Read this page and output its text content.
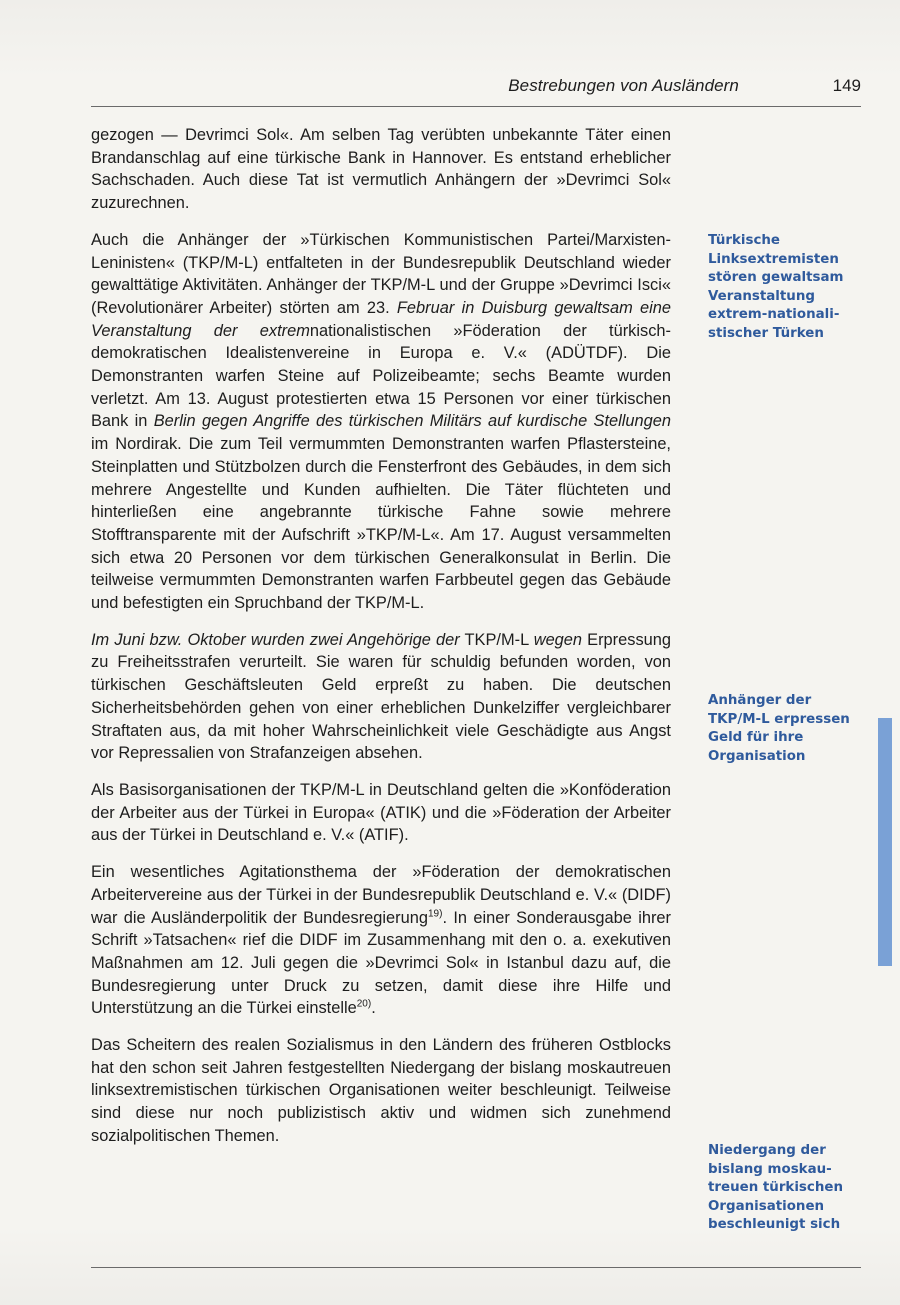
Bestrebungen von Ausländern	149

gezogen — Devrimci Sol«. Am selben Tag verübten unbekannte Täter einen Brandanschlag auf eine türkische Bank in Hannover. Es entstand erheblicher Sachschaden. Auch diese Tat ist vermutlich Anhängern der »Devrimci Sol« zuzurechnen.

Auch die Anhänger der »Türkischen Kommunistischen Partei/Marxisten-Leninisten« (TKP/M-L) entfalteten in der Bundesrepublik Deutschland wieder gewalttätige Aktivitäten. Anhänger der TKP/M-L und der Gruppe »Devrimci Isci« (Revolutionärer Arbeiter) störten am 23. Februar in Duisburg gewaltsam eine Veranstaltung der extremnationalistischen »Föderation der türkisch-demokratischen Idealistenvereine in Europa e. V.« (ADÜTDF). Die Demonstranten warfen Steine auf Polizeibeamte; sechs Beamte wurden verletzt. Am 13. August protestierten etwa 15 Personen vor einer türkischen Bank in Berlin gegen Angriffe des türkischen Militärs auf kurdische Stellungen im Nordirak. Die zum Teil vermummten Demonstranten warfen Pflastersteine, Steinplatten und Stützbolzen durch die Fensterfront des Gebäudes, in dem sich mehrere Angestellte und Kunden aufhielten. Die Täter flüchteten und hinterließen eine angebrannte türkische Fahne sowie mehrere Stofftransparente mit der Aufschrift »TKP/M-L«. Am 17. August versammelten sich etwa 20 Personen vor dem türkischen Generalkonsulat in Berlin. Die teilweise vermummten Demonstranten warfen Farbbeutel gegen das Gebäude und befestigten ein Spruchband der TKP/M-L.

Im Juni bzw. Oktober wurden zwei Angehörige der TKP/M-L wegen Erpressung zu Freiheitsstrafen verurteilt. Sie waren für schuldig befunden worden, von türkischen Geschäftsleuten Geld erpreßt zu haben. Die deutschen Sicherheitsbehörden gehen von einer erheblichen Dunkelziffer vergleichbarer Straftaten aus, da mit hoher Wahrscheinlichkeit viele Geschädigte aus Angst vor Repressalien von Strafanzeigen absehen.

Als Basisorganisationen der TKP/M-L in Deutschland gelten die »Konföderation der Arbeiter aus der Türkei in Europa« (ATIK) und die »Föderation der Arbeiter aus der Türkei in Deutschland e. V.« (ATIF).

Ein wesentliches Agitationsthema der »Föderation der demokratischen Arbeitervereine aus der Türkei in der Bundesrepublik Deutschland e. V.« (DIDF) war die Ausländerpolitik der Bundesregierung$^{19)}$. In einer Sonderausgabe ihrer Schrift »Tatsachen« rief die DIDF im Zusammenhang mit den o. a. exekutiven Maßnahmen am 12. Juli gegen die »Devrimci Sol« in Istanbul dazu auf, die Bundesregierung unter Druck zu setzen, damit diese ihre Hilfe und Unterstützung an die Türkei einstelle$^{20)}$.

Das Scheitern des realen Sozialismus in den Ländern des früheren Ostblocks hat den schon seit Jahren festgestellten Niedergang der bislang moskautreuen linksextremistischen türkischen Organisationen weiter beschleunigt. Teilweise sind diese nur noch publizistisch aktiv und widmen sich zunehmend sozialpolitischen Themen.

Türkische Linksextremisten stören gewaltsam Veranstaltung extrem-nationalistischer Türken
Anhänger der TKP/M-L erpressen Geld für ihre Organisation
Niedergang der bislang moskautreuen türkischen Organisationen beschleunigt sich
